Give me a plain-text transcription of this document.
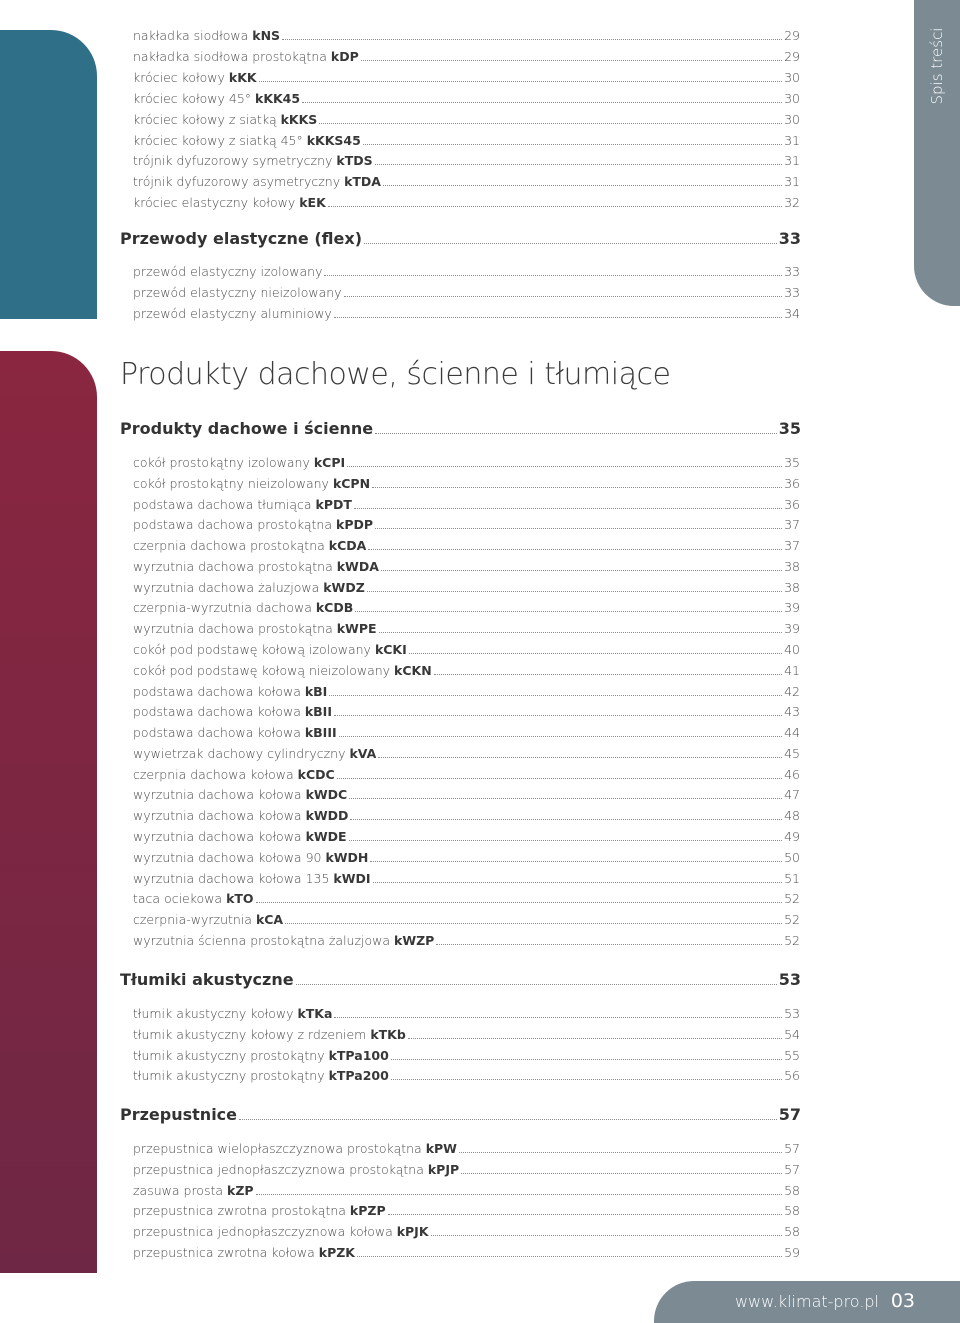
Spis treści
nakładka siodłowa kNS	29
nakładka siodłowa prostokątna kDP	29
króciec kołowy kKK	30
króciec kołowy 45° kKK45	30
króciec kołowy z siatką kKKS	30
króciec kołowy z siatką 45° kKKS45	31
trójnik dyfuzorowy symetryczny kTDS	31
trójnik dyfuzorowy asymetryczny kTDA	31
króciec elastyczny kołowy kEK	32
Przewody elastyczne (flex)	33
przewód elastyczny izolowany	33
przewód elastyczny nieizolowany	33
przewód elastyczny aluminiowy	34
Produkty dachowe i ścienne	35
cokół prostokątny izolowany kCPI	35
cokół prostokątny nieizolowany kCPN	36
podstawa dachowa tłumiąca kPDT	36
podstawa dachowa prostokątna kPDP	37
czerpnia dachowa prostokątna kCDA	37
wyrzutnia dachowa prostokątna kWDA	38
wyrzutnia dachowa żaluzjowa kWDZ	38
czerpnia-wyrzutnia dachowa kCDB	39
wyrzutnia dachowa prostokątna kWPE	39
cokół pod podstawę kołową izolowany kCKI	40
cokół pod podstawę kołową nieizolowany kCKN	41
podstawa dachowa kołowa kBI	42
podstawa dachowa kołowa kBII	43
podstawa dachowa kołowa kBIII	44
wywietrzak dachowy cylindryczny kVA	45
czerpnia dachowa kołowa kCDC	46
wyrzutnia dachowa kołowa kWDC	47
wyrzutnia dachowa kołowa kWDD	48
wyrzutnia dachowa kołowa kWDE	49
wyrzutnia dachowa kołowa 90 kWDH	50
wyrzutnia dachowa kołowa 135 kWDI	51
taca ociekowa kTO	52
czerpnia-wyrzutnia kCA	52
wyrzutnia ścienna prostokątna żaluzjowa kWZP	52
Tłumiki akustyczne	53
tłumik akustyczny kołowy kTKa	53
tłumik akustyczny kołowy z rdzeniem kTKb	54
tłumik akustyczny prostokątny kTPa100	55
tłumik akustyczny prostokątny kTPa200	56
Przepustnice	57
przepustnica wielopłaszczyznowa prostokątna kPW	57
przepustnica jednopłaszczyznowa prostokątna kPJP	57
zasuwa prosta kZP	58
przepustnica zwrotna prostokątna kPZP	58
przepustnica jednopłaszczyznowa kołowa kPJK	58
przepustnica zwrotna kołowa kPZK	59
Produkty dachowe, ścienne i tłumiące
www.klimat-pro.pl 03
